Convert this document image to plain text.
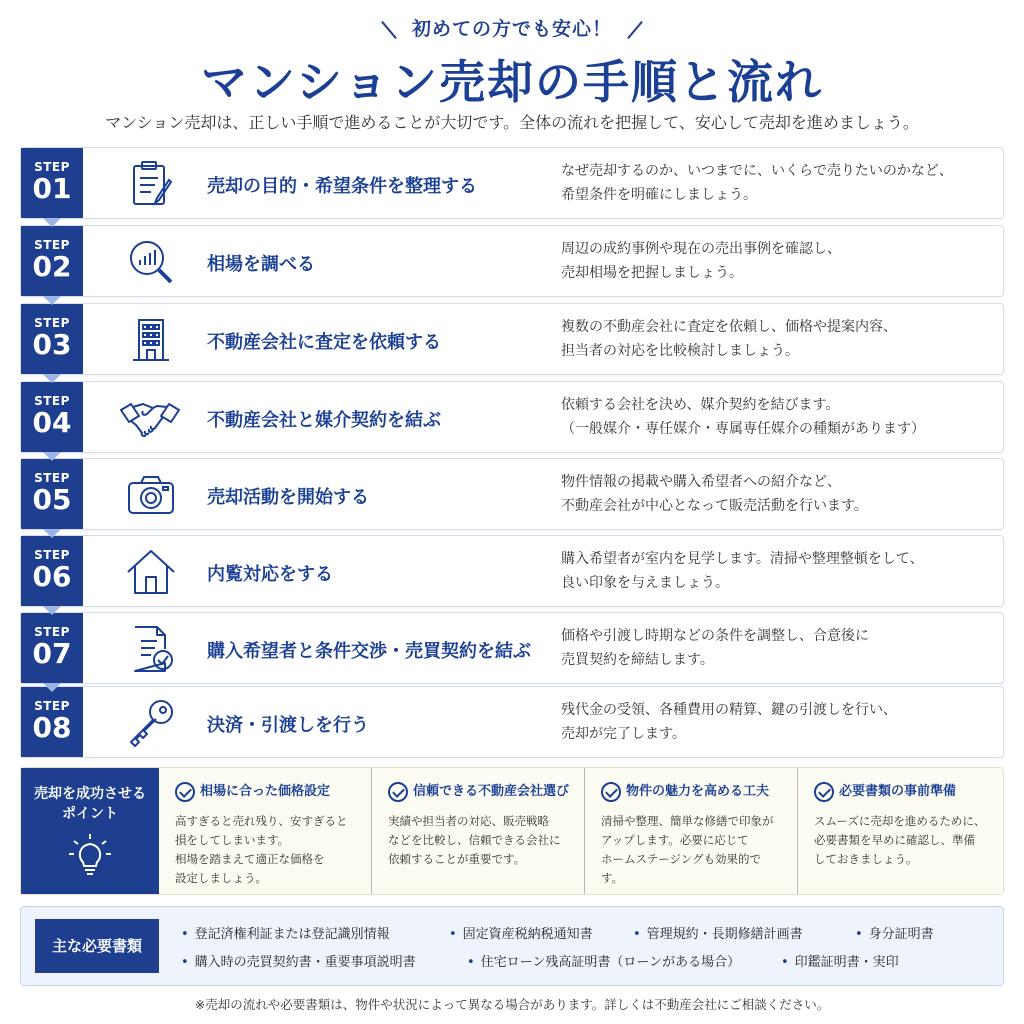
初めての方でも安心！
マンション売却の手順と流れ
マンション売却は、正しい手順で進めることが大切です。全体の流れを把握して、安心して売却を進めましょう。
STEP
01	売却の目的・希望条件を整理する
なぜ売却するのか、いつまでに、いくらで売りたいのかなど、
希望条件を明確にしましょう。
STEP
02	相場を調べる
周辺の成約事例や現在の売出事例を確認し、
売却相場を把握しましょう。
STEP
03	不動産会社に査定を依頼する
複数の不動産会社に査定を依頼し、価格や提案内容、
担当者の対応を比較検討しましょう。
STEP
04	不動産会社と媒介契約を結ぶ
依頼する会社を決め、媒介契約を結びます。
（一般媒介・専任媒介・専属専任媒介の種類があります）
STEP
05	売却活動を開始する
物件情報の掲載や購入希望者への紹介など、
不動産会社が中心となって販売活動を行います。
STEP
06	内覧対応をする
購入希望者が室内を見学します。清掃や整理整頓をして、
良い印象を与えましょう。
STEP
07	購入希望者と条件交渉・売買契約を結ぶ
価格や引渡し時期などの条件を調整し、合意後に
売買契約を締結します。
STEP
08	決済・引渡しを行う
残代金の受領、各種費用の精算、鍵の引渡しを行い、
売却が完了します。
売却を成功させる
ポイント
相場に合った価格設定
高すぎると売れ残り、安すぎると
損をしてしまいます。
相場を踏まえて適正な価格を
設定しましょう。
信頼できる不動産会社選び
実績や担当者の対応、販売戦略
などを比較し、信頼できる会社に
依頼することが重要です。
物件の魅力を高める工夫
清掃や整理、簡単な修繕で印象が
アップします。必要に応じて
ホームステージングも効果的です。
必要書類の事前準備
スムーズに売却を進めるために、
必要書類を早めに確認し、準備
しておきましょう。
主な必要書類
• 登記済権利証または登記識別情報	• 固定資産税納税通知書	• 管理規約・長期修繕計画書	• 身分証明書
• 購入時の売買契約書・重要事項説明書	• 住宅ローン残高証明書（ローンがある場合）	• 印鑑証明書・実印
※売却の流れや必要書類は、物件や状況によって異なる場合があります。詳しくは不動産会社にご相談ください。
